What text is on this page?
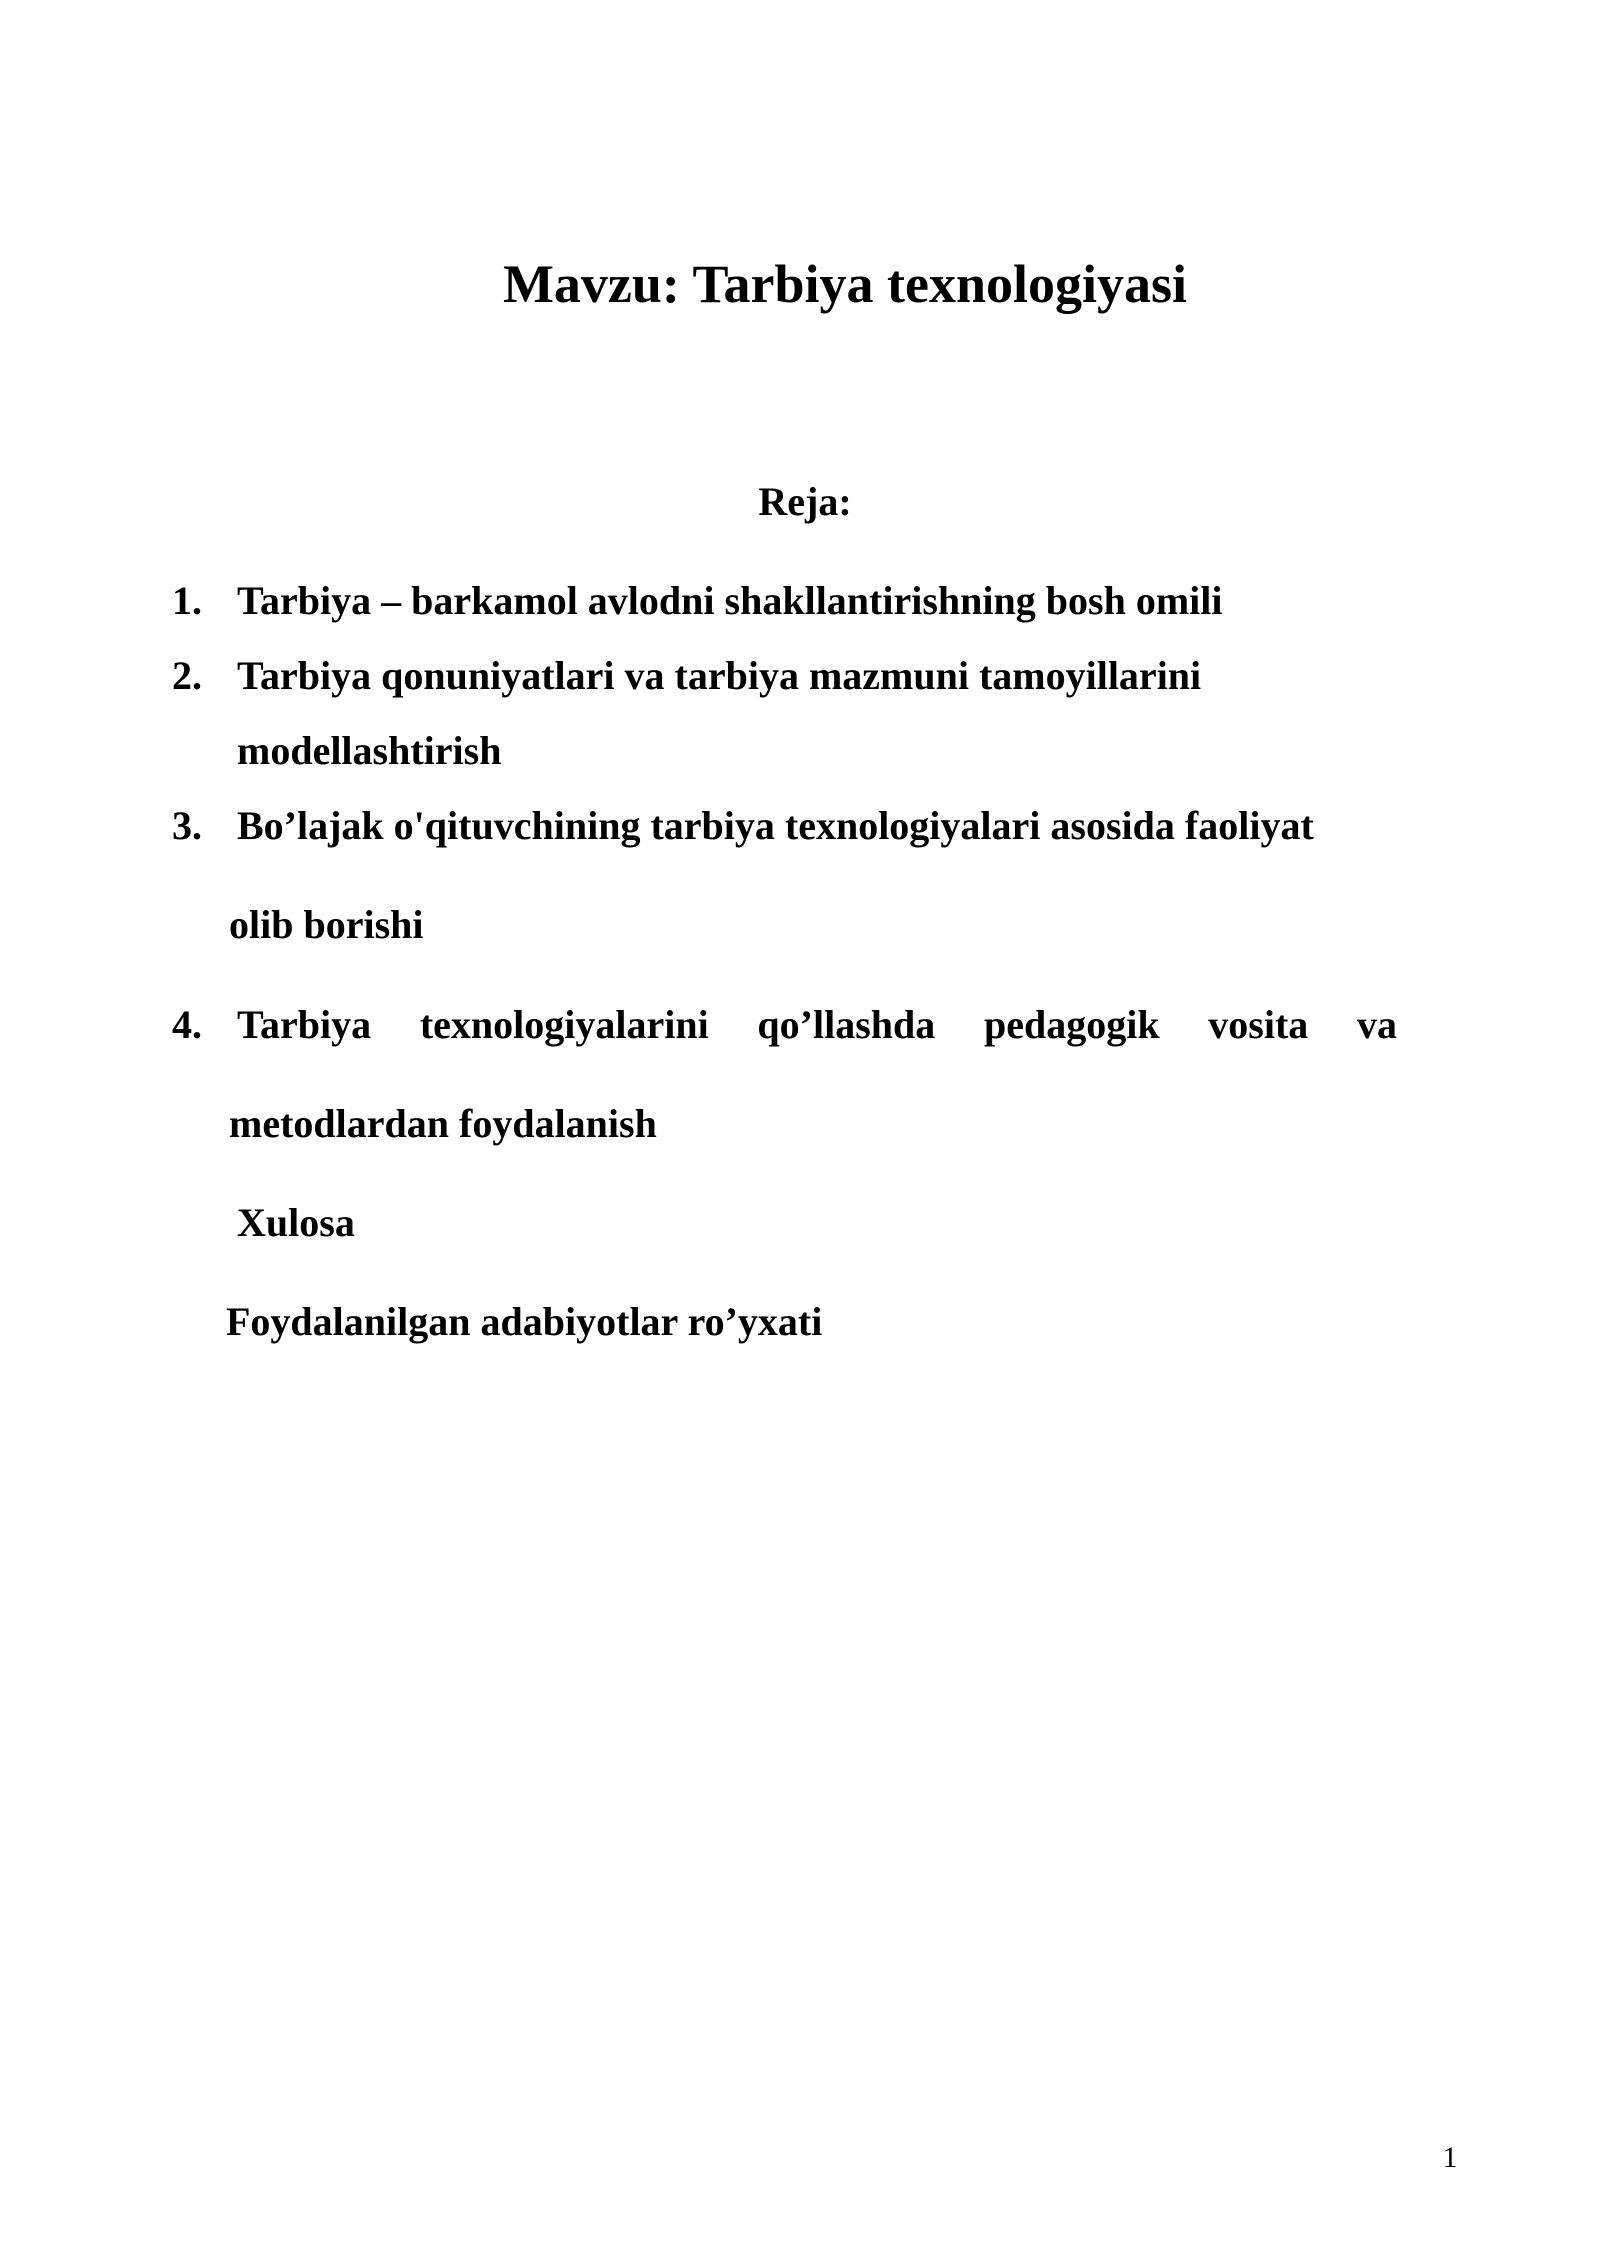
Mavzu: Tarbiya texnologiyasi
Reja:
1. Tarbiya – barkamol avlodni shakllantirishning bosh omili
2. Tarbiya qonuniyatlari va tarbiya mazmuni tamoyillarini
modellashtirish
3. Bo’lajak o'qituvchining tarbiya texnologiyalari asosida faoliyat
olib borishi
4. Tarbiya texnologiyalarini qo’llashda pedagogik vosita va
metodlardan foydalanish
Xulosa
Foydalanilgan adabiyotlar ro’yxati
1
